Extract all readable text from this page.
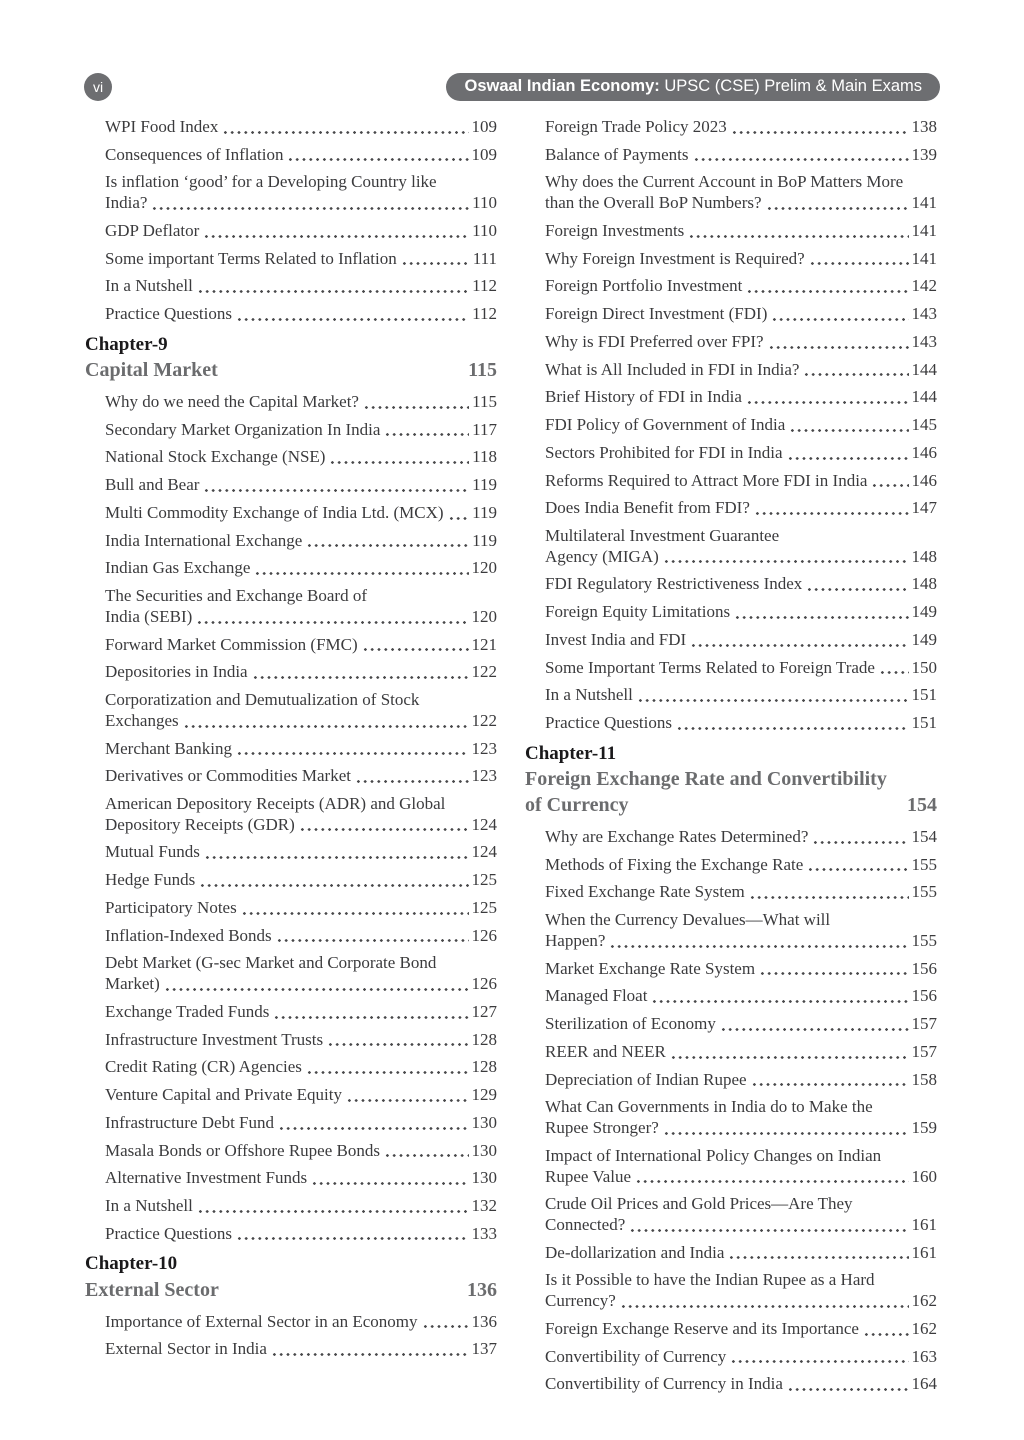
vi	Oswaal Indian Economy: UPSC (CSE) Prelim & Main Exams
WPI Food Index	109
Consequences of Inflation	109
Is inflation ‘good’ for a Developing Country like
India?	110
GDP Deflator	110
Some important Terms Related to Inflation	111
In a Nutshell	112
Practice Questions	112
Chapter-9
Capital Market	115
Why do we need the Capital Market?	115
Secondary Market Organization In India	117
National Stock Exchange (NSE)	118
Bull and Bear	119
Multi Commodity Exchange of India Ltd. (MCX) 119
India International Exchange	119
Indian Gas Exchange	120
The Securities and Exchange Board of
India (SEBI)	120
Forward Market Commission (FMC)	121
Depositories in India	122
Corporatization and Demutualization of Stock
Exchanges	122
Merchant Banking	123
Derivatives or Commodities Market	123
American Depository Receipts (ADR) and Global
Depository Receipts (GDR)	124
Mutual Funds	124
Hedge Funds	125
Participatory Notes	125
Inflation-Indexed Bonds	126
Debt Market (G-sec Market and Corporate Bond
Market)	126
Exchange Traded Funds	127
Infrastructure Investment Trusts	128
Credit Rating (CR) Agencies	128
Venture Capital and Private Equity	129
Infrastructure Debt Fund	130
Masala Bonds or Offshore Rupee Bonds	130
Alternative Investment Funds	130
In a Nutshell	132
Practice Questions	133
Chapter-10
External Sector	136
Importance of External Sector in an Economy	136
External Sector in India	137
Foreign Trade Policy 2023	138
Balance of Payments	139
Why does the Current Account in BoP Matters More
than the Overall BoP Numbers?	141
Foreign Investments	141
Why Foreign Investment is Required?	141
Foreign Portfolio Investment	142
Foreign Direct Investment (FDI)	143
Why is FDI Preferred over FPI?	143
What is All Included in FDI in India?	144
Brief History of FDI in India	144
FDI Policy of Government of India	145
Sectors Prohibited for FDI in India	146
Reforms Required to Attract More FDI in India	146
Does India Benefit from FDI?	147
Multilateral Investment Guarantee
Agency (MIGA)	148
FDI Regulatory Restrictiveness Index	148
Foreign Equity Limitations	149
Invest India and FDI	149
Some Important Terms Related to Foreign Trade 150
In a Nutshell	151
Practice Questions	151
Chapter-11
Foreign Exchange Rate and Convertibility
of Currency	154
Why are Exchange Rates Determined?	154
Methods of Fixing the Exchange Rate	155
Fixed Exchange Rate System	155
When the Currency Devalues—What will
Happen?	155
Market Exchange Rate System	156
Managed Float	156
Sterilization of Economy	157
REER and NEER	157
Depreciation of Indian Rupee	158
What Can Governments in India do to Make the
Rupee Stronger?	159
Impact of International Policy Changes on Indian
Rupee Value	160
Crude Oil Prices and Gold Prices—Are They
Connected?	161
De-dollarization and India	161
Is it Possible to have the Indian Rupee as a Hard
Currency?	162
Foreign Exchange Reserve and its Importance	162
Convertibility of Currency	163
Convertibility of Currency in India	164
